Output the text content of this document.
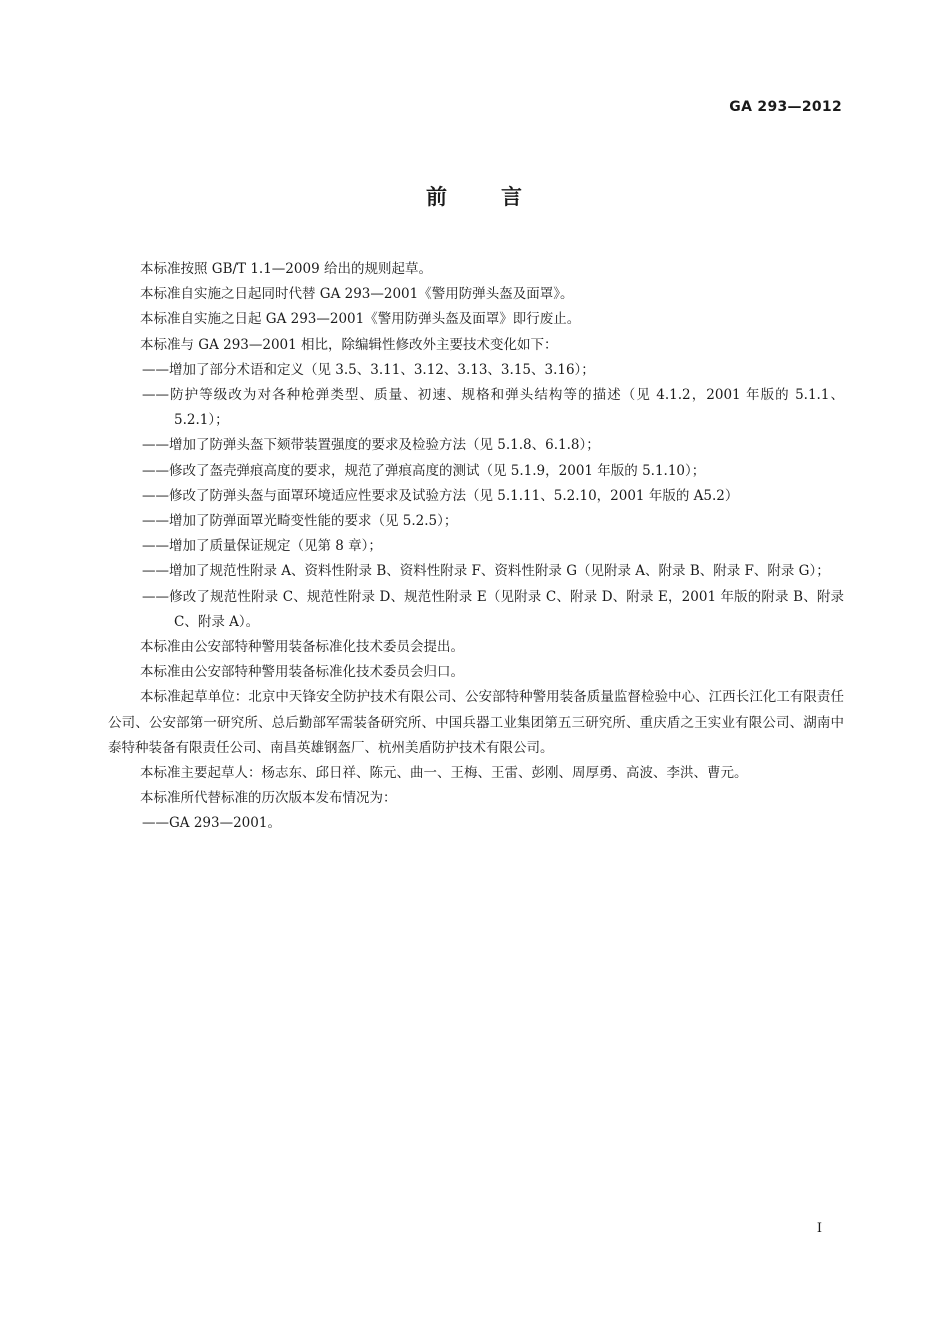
GA 293—2012
前 言

本标准按照 GB/T 1.1—2009 给出的规则起草。

本标准自实施之日起同时代替 GA 293—2001《警用防弹头盔及面罩》。

本标准自实施之日起 GA 293—2001《警用防弹头盔及面罩》即行废止。

本标准与 GA 293—2001 相比，除编辑性修改外主要技术变化如下：

——增加了部分术语和定义（见 3.5、3.11、3.12、3.13、3.15、3.16）；
——防护等级改为对各种枪弹类型、质量、初速、规格和弹头结构等的描述（见 4.1.2，2001 年版的 5.1.1、5.2.1）；
——增加了防弹头盔下颏带装置强度的要求及检验方法（见 5.1.8、6.1.8）；
——修改了盔壳弹痕高度的要求，规范了弹痕高度的测试（见 5.1.9，2001 年版的 5.1.10）；
——修改了防弹头盔与面罩环境适应性要求及试验方法（见 5.1.11、5.2.10，2001 年版的 A5.2）
——增加了防弹面罩光畸变性能的要求（见 5.2.5）；
——增加了质量保证规定（见第 8 章）；
——增加了规范性附录 A、资料性附录 B、资料性附录 F、资料性附录 G（见附录 A、附录 B、附录 F、附录 G）；
——修改了规范性附录 C、规范性附录 D、规范性附录 E（见附录 C、附录 D、附录 E，2001 年版的附录 B、附录 C、附录 A）。

本标准由公安部特种警用装备标准化技术委员会提出。

本标准由公安部特种警用装备标准化技术委员会归口。

本标准起草单位：北京中天锋安全防护技术有限公司、公安部特种警用装备质量监督检验中心、江西长江化工有限责任公司、公安部第一研究所、总后勤部军需装备研究所、中国兵器工业集团第五三研究所、重庆盾之王实业有限公司、湖南中泰特种装备有限责任公司、南昌英雄钢盔厂、杭州美盾防护技术有限公司。

本标准主要起草人：杨志东、邱日祥、陈元、曲一、王梅、王雷、彭刚、周厚勇、高波、李洪、曹元。

本标准所代替标准的历次版本发布情况为：

——GA 293—2001。
I
